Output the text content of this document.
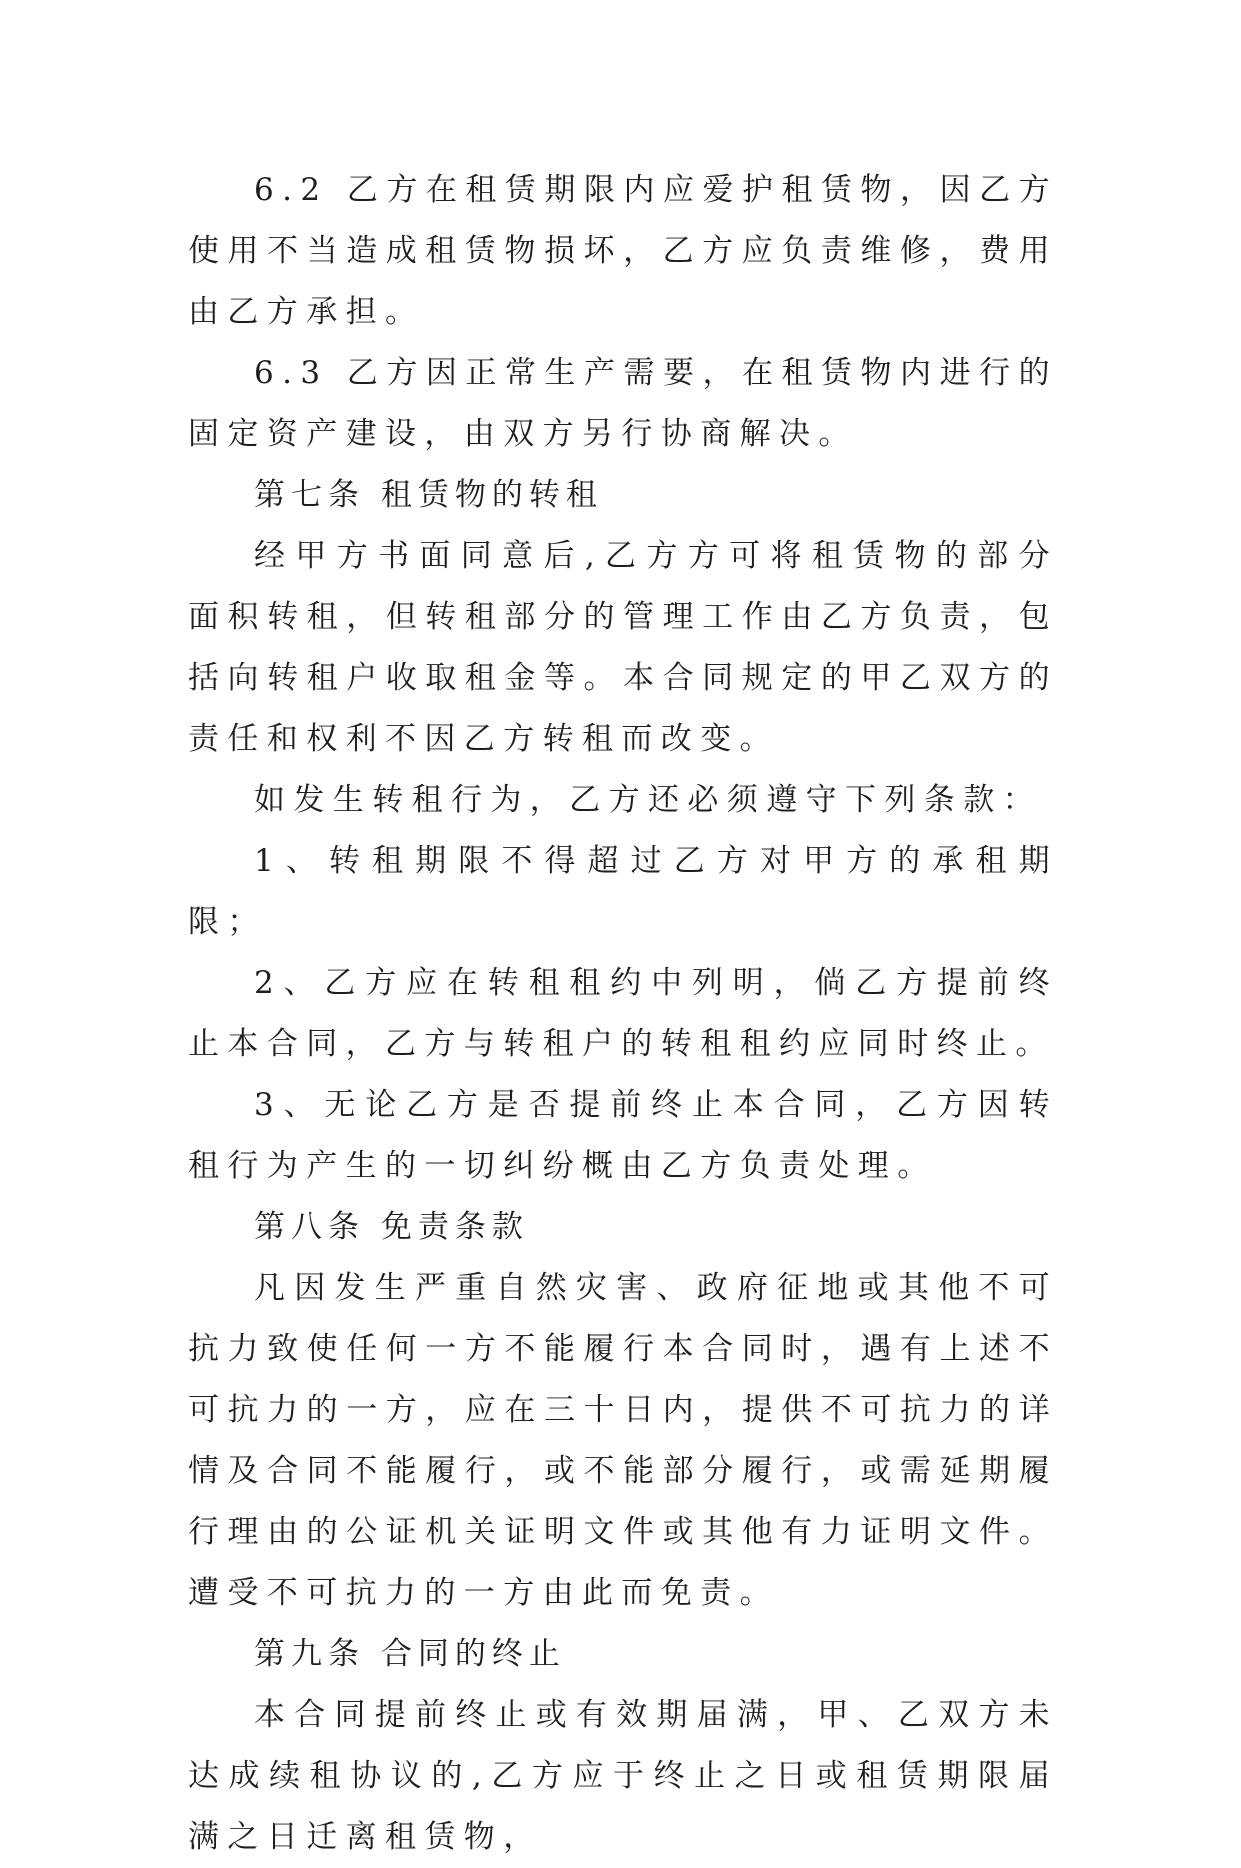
6.2 乙方在租赁期限内应爱护租赁物，因乙方使用不当造成租赁物损坏，乙方应负责维修，费用由乙方承担。

6.3 乙方因正常生产需要，在租赁物内进行的固定资产建设，由双方另行协商解决。

第七条 租赁物的转租

经甲方书面同意后,乙方方可将租赁物的部分面积转租，但转租部分的管理工作由乙方负责，包括向转租户收取租金等。本合同规定的甲乙双方的责任和权利不因乙方转租而改变。

如发生转租行为，乙方还必须遵守下列条款：

1、转租期限不得超过乙方对甲方的承租期限；

2、乙方应在转租租约中列明，倘乙方提前终止本合同，乙方与转租户的转租租约应同时终止。

3、无论乙方是否提前终止本合同，乙方因转租行为产生的一切纠纷概由乙方负责处理。

第八条 免责条款

凡因发生严重自然灾害、政府征地或其他不可抗力致使任何一方不能履行本合同时，遇有上述不可抗力的一方，应在三十日内，提供不可抗力的详情及合同不能履行，或不能部分履行，或需延期履行理由的公证机关证明文件或其他有力证明文件。遭受不可抗力的一方由此而免责。

第九条 合同的终止

本合同提前终止或有效期届满，甲、乙双方未达成续租协议的,乙方应于终止之日或租赁期限届满之日迁离租赁物，
